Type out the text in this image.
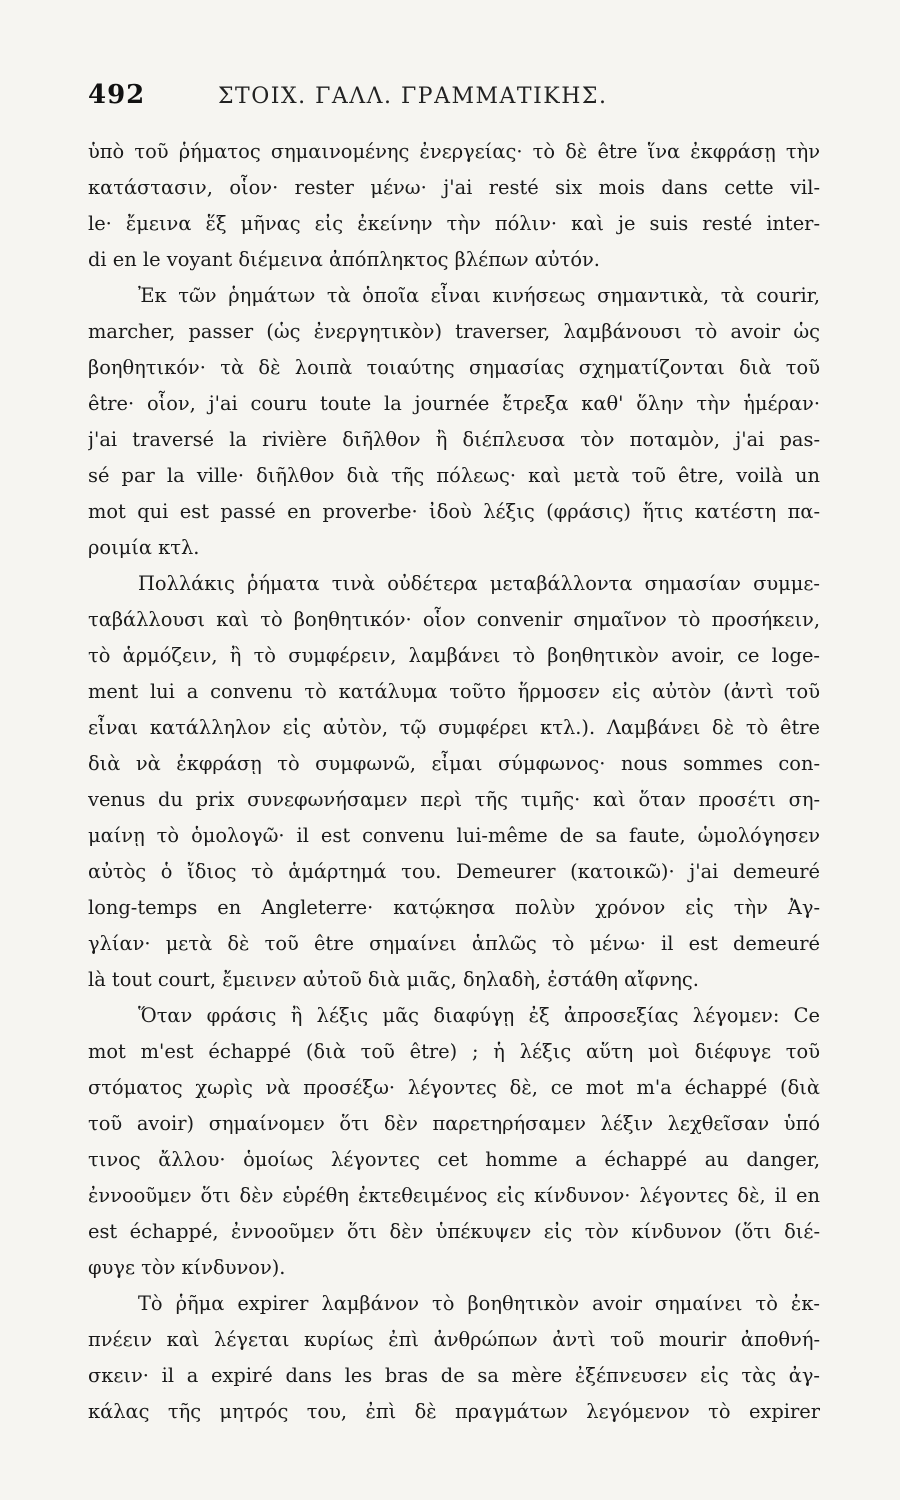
492	ΣΤΟΙΧ. ΓΑΛΛ. ΓΡΑΜΜΑΤΙΚΗΣ.
ὑπὸ τοῦ ῥήματος σημαινομένης ἐνεργείας· τὸ δὲ être ἵνα ἐκφράσῃ τὴν
κατάστασιν, οἷον· rester μένω· j'ai resté six mois dans cette vil-
le· ἔμεινα ἕξ μῆνας εἰς ἐκείνην τὴν πόλιν· καὶ je suis resté inter-
di en le voyant διέμεινα ἀπόπληκτος βλέπων αὐτόν.
Ἐκ τῶν ῥημάτων τὰ ὁποῖα εἶναι κινήσεως σημαντικὰ, τὰ courir,
marcher, passer (ὡς ἐνεργητικὸν) traverser, λαμβάνουσι τὸ avoir ὡς
βοηθητικόν· τὰ δὲ λοιπὰ τοιαύτης σημασίας σχηματίζονται διὰ τοῦ
être· οἷον, j'ai couru toute la journée ἔτρεξα καθ' ὅλην τὴν ἡμέραν·
j'ai traversé la rivière διῆλθον ἢ διέπλευσα τὸν ποταμὸν, j'ai pas-
sé par la ville· διῆλθον διὰ τῆς πόλεως· καὶ μετὰ τοῦ être, voilà un
mot qui est passé en proverbe· ἰδοὺ λέξις (φράσις) ἥτις κατέστη πα-
ροιμία κτλ.
Πολλάκις ῥήματα τινὰ οὐδέτερα μεταβάλλοντα σημασίαν συμμε-
ταβάλλουσι καὶ τὸ βοηθητικόν· οἷον convenir σημαῖνον τὸ προσήκειν,
τὸ ἁρμόζειν, ἢ τὸ συμφέρειν, λαμβάνει τὸ βοηθητικὸν avoir, ce loge-
ment lui a convenu τὸ κατάλυμα τοῦτο ἥρμοσεν εἰς αὐτὸν (ἀντὶ τοῦ
εἶναι κατάλληλον εἰς αὐτὸν, τῷ συμφέρει κτλ.). Λαμβάνει δὲ τὸ être
διὰ νὰ ἐκφράσῃ τὸ συμφωνῶ, εἶμαι σύμφωνος· nous sommes con-
venus du prix συνεφωνήσαμεν περὶ τῆς τιμῆς· καὶ ὅταν προσέτι ση-
μαίνῃ τὸ ὁμολογῶ· il est convenu lui-même de sa faute, ὡμολόγησεν
αὐτὸς ὁ ἴδιος τὸ ἁμάρτημά του. Demeurer (κατοικῶ)· j'ai demeuré
long-temps en Angleterre· κατῴκησα πολὺν χρόνον εἰς τὴν Ἀγ-
γλίαν· μετὰ δὲ τοῦ être σημαίνει ἁπλῶς τὸ μένω· il est demeuré
là tout court, ἔμεινεν αὐτοῦ διὰ μιᾶς, δηλαδὴ, ἐστάθη αἴφνης.
Ὅταν φράσις ἢ λέξις μᾶς διαφύγῃ ἐξ ἀπροσεξίας λέγομεν: Ce
mot m'est échappé (διὰ τοῦ être) ; ἡ λέξις αὕτη μοὶ διέφυγε τοῦ
στόματος χωρὶς νὰ προσέξω· λέγοντες δὲ, ce mot m'a échappé (διὰ
τοῦ avoir) σημαίνομεν ὅτι δὲν παρετηρήσαμεν λέξιν λεχθεῖσαν ὑπό
τινος ἄλλου· ὁμοίως λέγοντες cet homme a échappé au danger,
ἐννοοῦμεν ὅτι δὲν εὑρέθη ἐκτεθειμένος εἰς κίνδυνον· λέγοντες δὲ, il en
est échappé, ἐννοοῦμεν ὅτι δὲν ὑπέκυψεν εἰς τὸν κίνδυνον (ὅτι διέ-
φυγε τὸν κίνδυνον).
Τὸ ῥῆμα expirer λαμβάνον τὸ βοηθητικὸν avoir σημαίνει τὸ ἐκ-
πνέειν καὶ λέγεται κυρίως ἐπὶ ἀνθρώπων ἀντὶ τοῦ mourir ἀποθνή-
σκειν· il a expiré dans les bras de sa mère ἐξέπνευσεν εἰς τὰς ἀγ-
κάλας τῆς μητρός του, ἐπὶ δὲ πραγμάτων λεγόμενον τὸ expirer
